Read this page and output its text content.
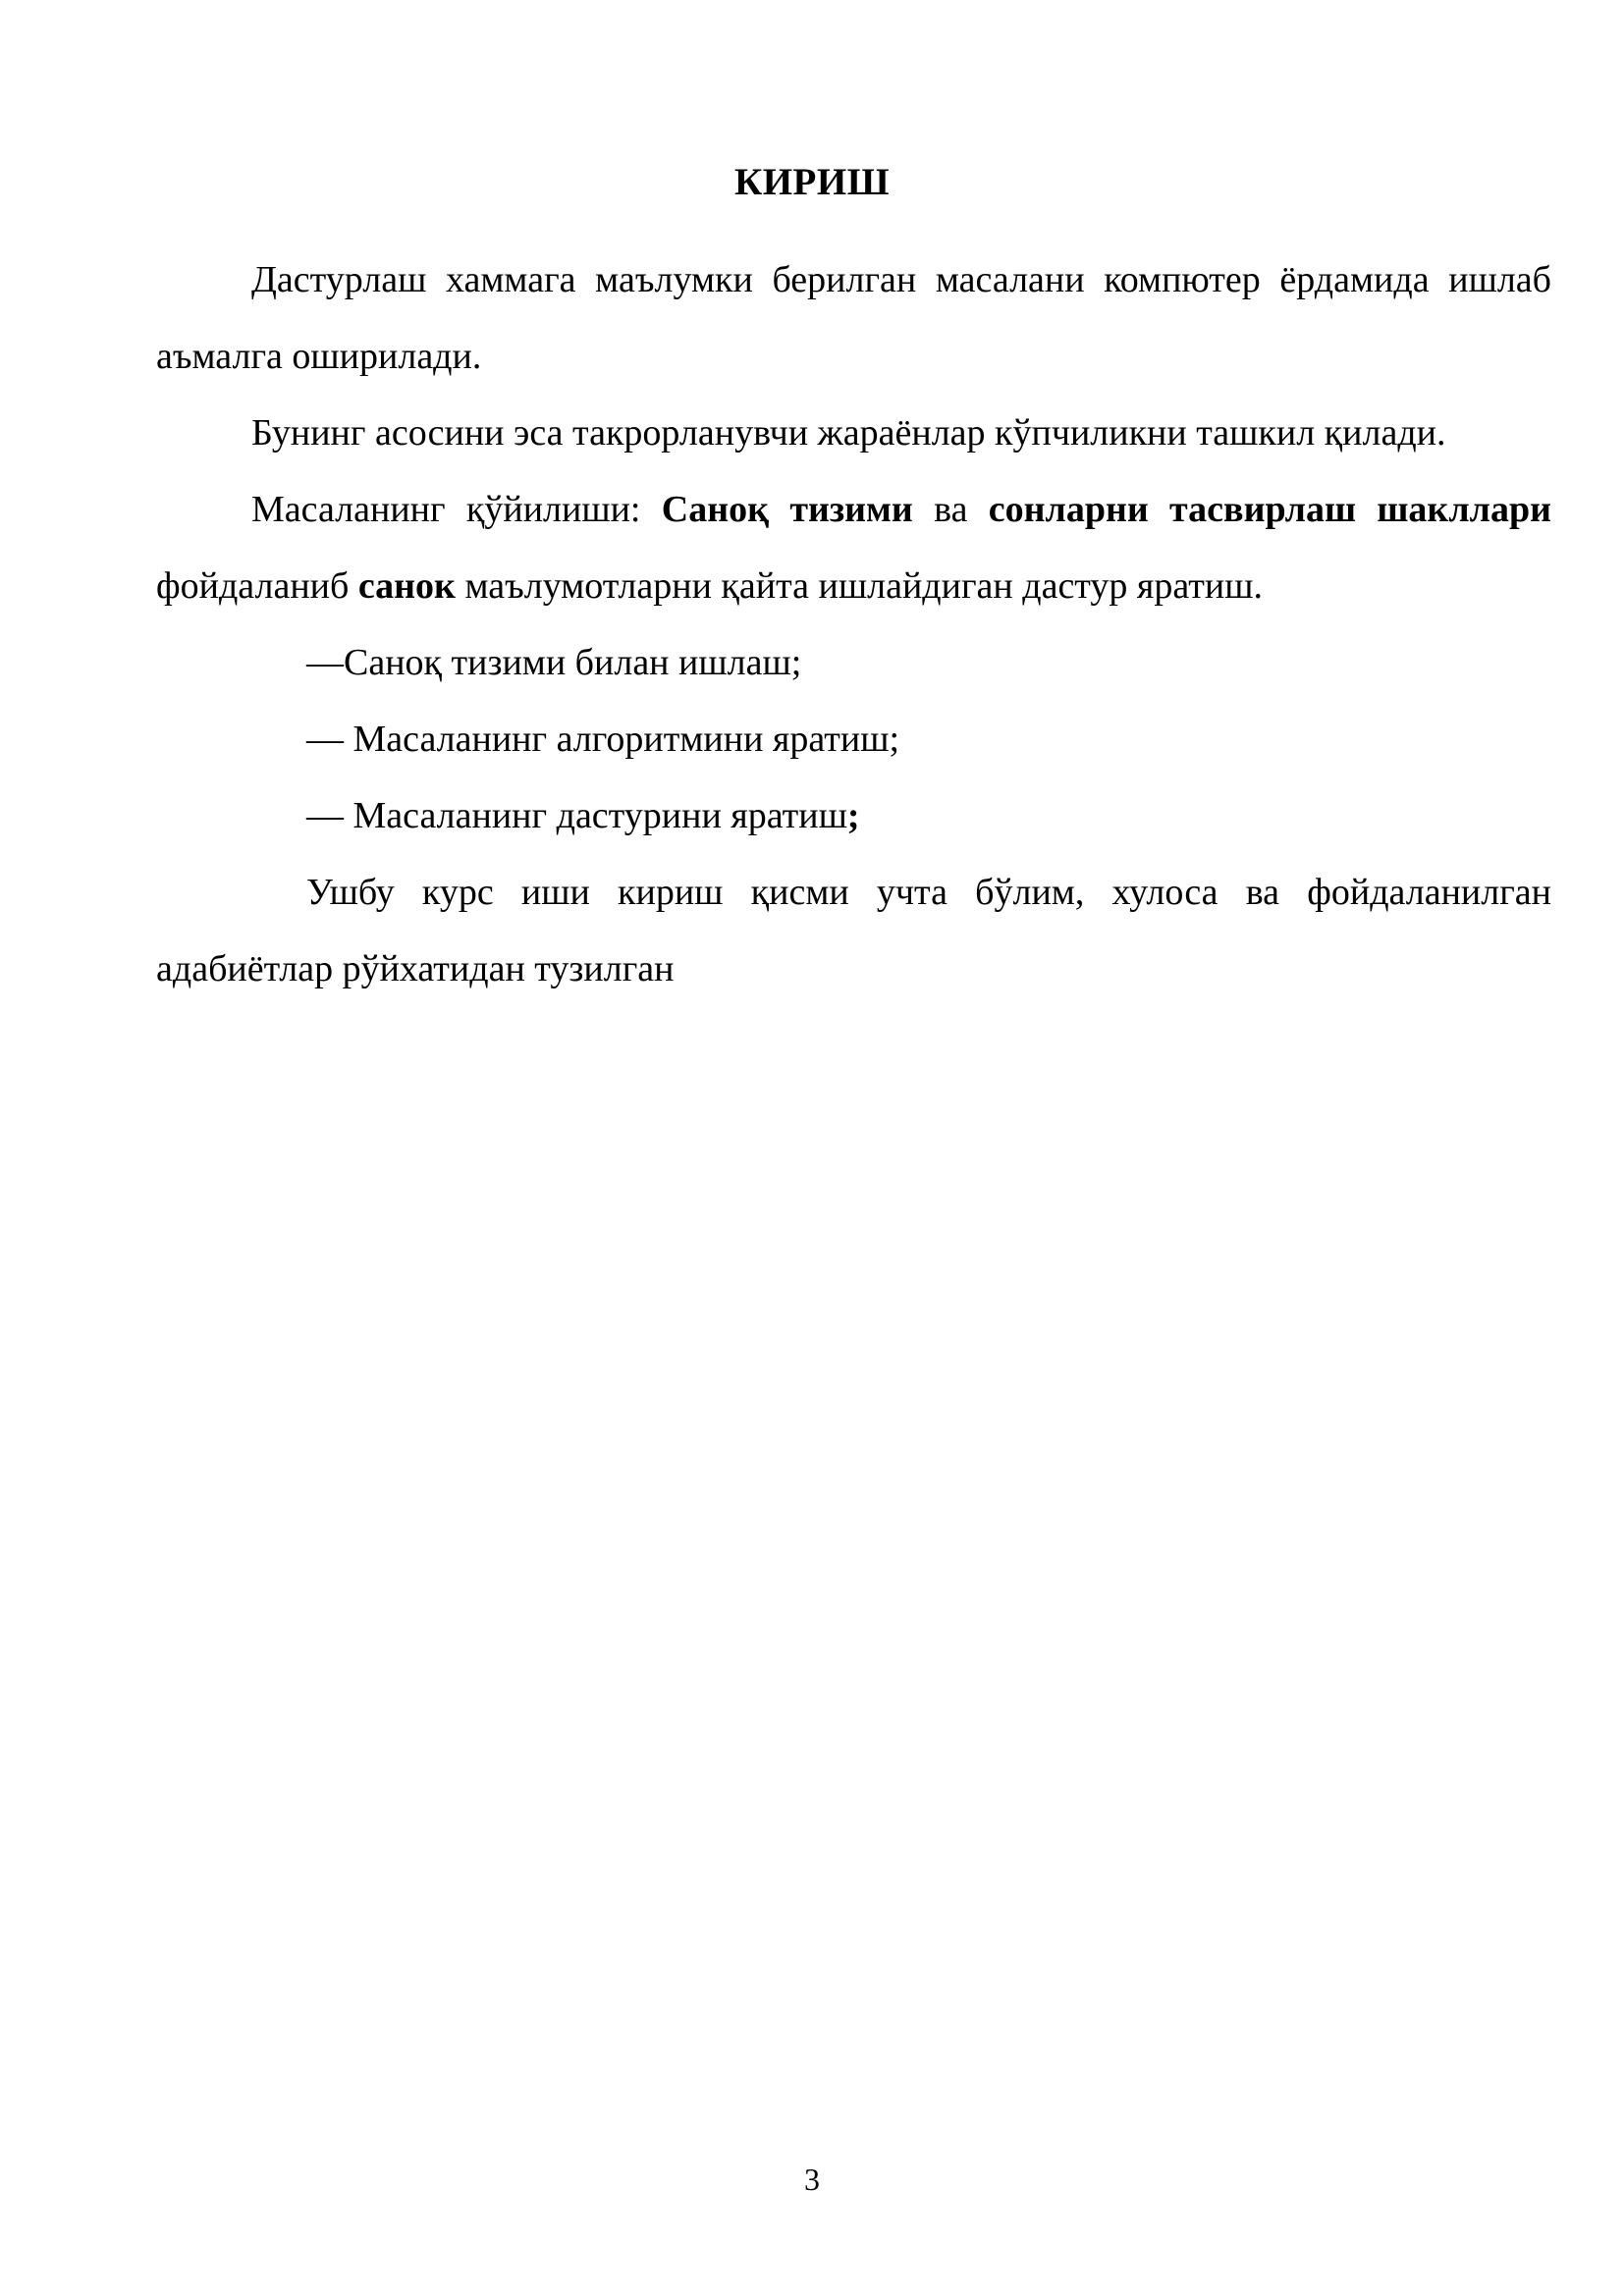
КИРИШ

Дастурлаш хаммага маълумки берилган масалани компютер ёрдамида ишлаб аъмалга оширилади.

Бунинг асосини эса такрорланувчи жараёнлар кўпчиликни ташкил қилади.

Масаланинг қўйилиши: Саноқ тизими ва сонларни тасвирлаш шакллари фойдаланиб санок маълумотларни қайта ишлайдиган дастур яратиш.

—Саноқ тизими билан ишлаш;

— Масаланинг алгоритмини яратиш;

— Масаланинг дастурини яратиш;

Ушбу курс иши кириш қисми учта бўлим, хулоса ва фойдаланилган адабиётлар рўйхатидан тузилган

3
